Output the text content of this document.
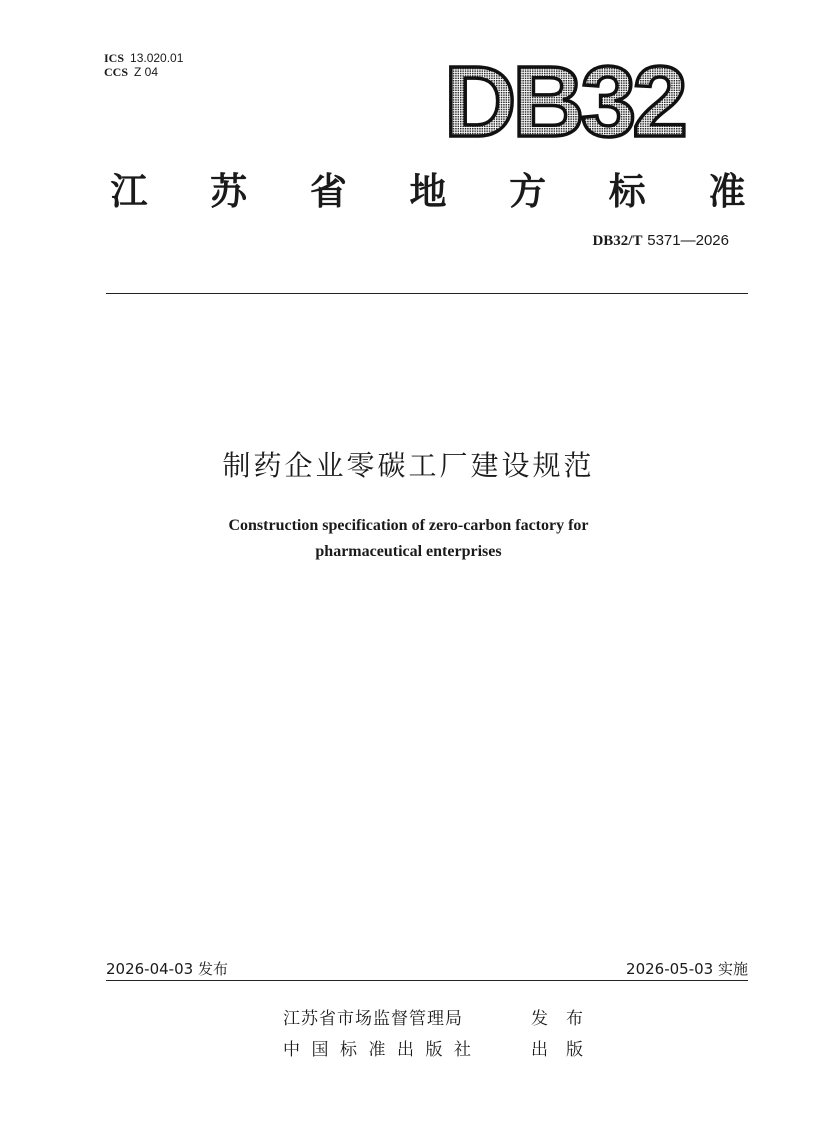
ICS 13.020.01
CCS Z 04	DB32
江 苏 省 地 方 标 准
DB32/T 5371—2026
制药企业零碳工厂建设规范
Construction specification of zero-carbon factory for
pharmaceutical enterprises
2026-04-03 发布	2026-05-03 实施
江苏省市场监督管理局
中国标准出版社
发布
出版
